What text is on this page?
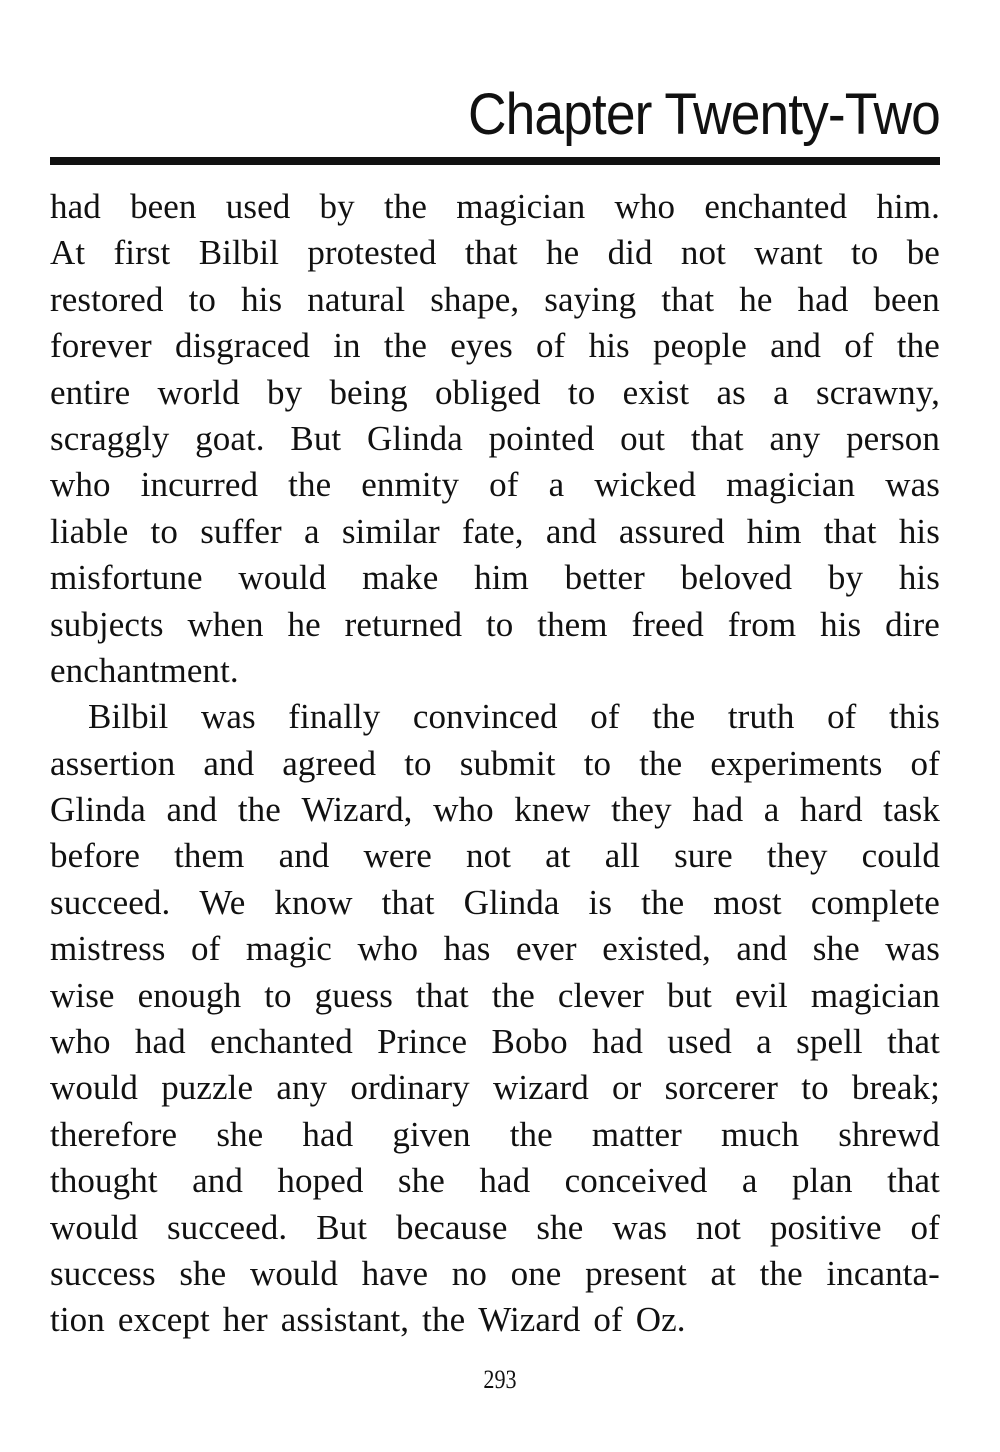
Chapter Twenty-Two
had been used by the magician who enchanted him.
At first Bilbil protested that he did not want to be
restored to his natural shape, saying that he had been
forever disgraced in the eyes of his people and of the
entire world by being obliged to exist as a scrawny,
scraggly goat. But Glinda pointed out that any person
who incurred the enmity of a wicked magician was
liable to suffer a similar fate, and assured him that his
misfortune would make him better beloved by his
subjects when he returned to them freed from his dire
enchantment.
Bilbil was finally convinced of the truth of this
assertion and agreed to submit to the experiments of
Glinda and the Wizard, who knew they had a hard task
before them and were not at all sure they could
succeed. We know that Glinda is the most complete
mistress of magic who has ever existed, and she was
wise enough to guess that the clever but evil magician
who had enchanted Prince Bobo had used a spell that
would puzzle any ordinary wizard or sorcerer to break;
therefore she had given the matter much shrewd
thought and hoped she had conceived a plan that
would succeed. But because she was not positive of
success she would have no one present at the incanta-
tion except her assistant, the Wizard of Oz.
293
